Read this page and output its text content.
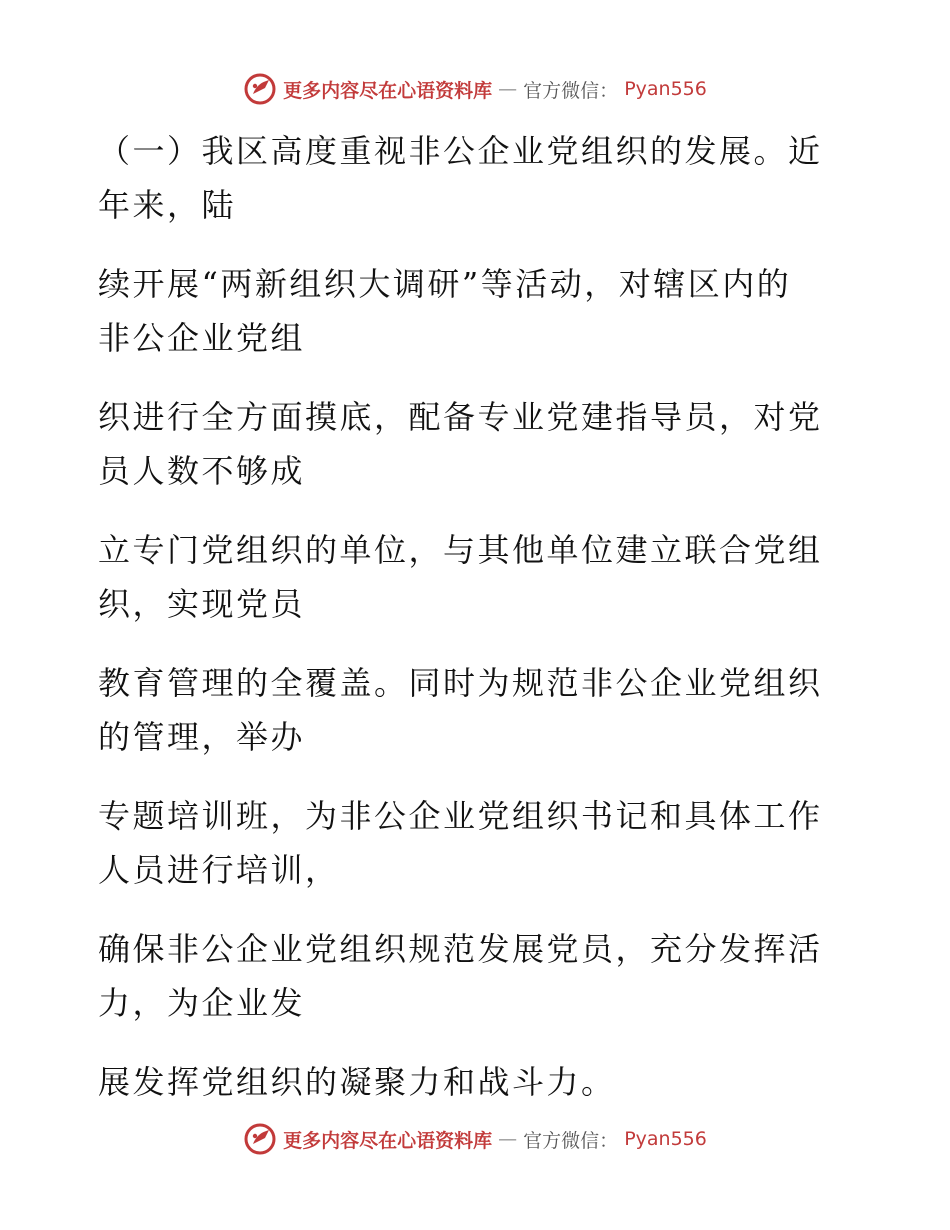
更多内容尽在心语资料库 — 官方微信： Pyan556

（一）我区高度重视非公企业党组织的发展。近
年来，陆

续开展“两新组织大调研”等活动，对辖区内的
非公企业党组

织进行全方面摸底，配备专业党建指导员，对党
员人数不够成

立专门党组织的单位，与其他单位建立联合党组
织，实现党员

教育管理的全覆盖。同时为规范非公企业党组织
的管理，举办

专题培训班，为非公企业党组织书记和具体工作
人员进行培训，

确保非公企业党组织规范发展党员，充分发挥活
力，为企业发

展发挥党组织的凝聚力和战斗力。

更多内容尽在心语资料库 — 官方微信： Pyan556
